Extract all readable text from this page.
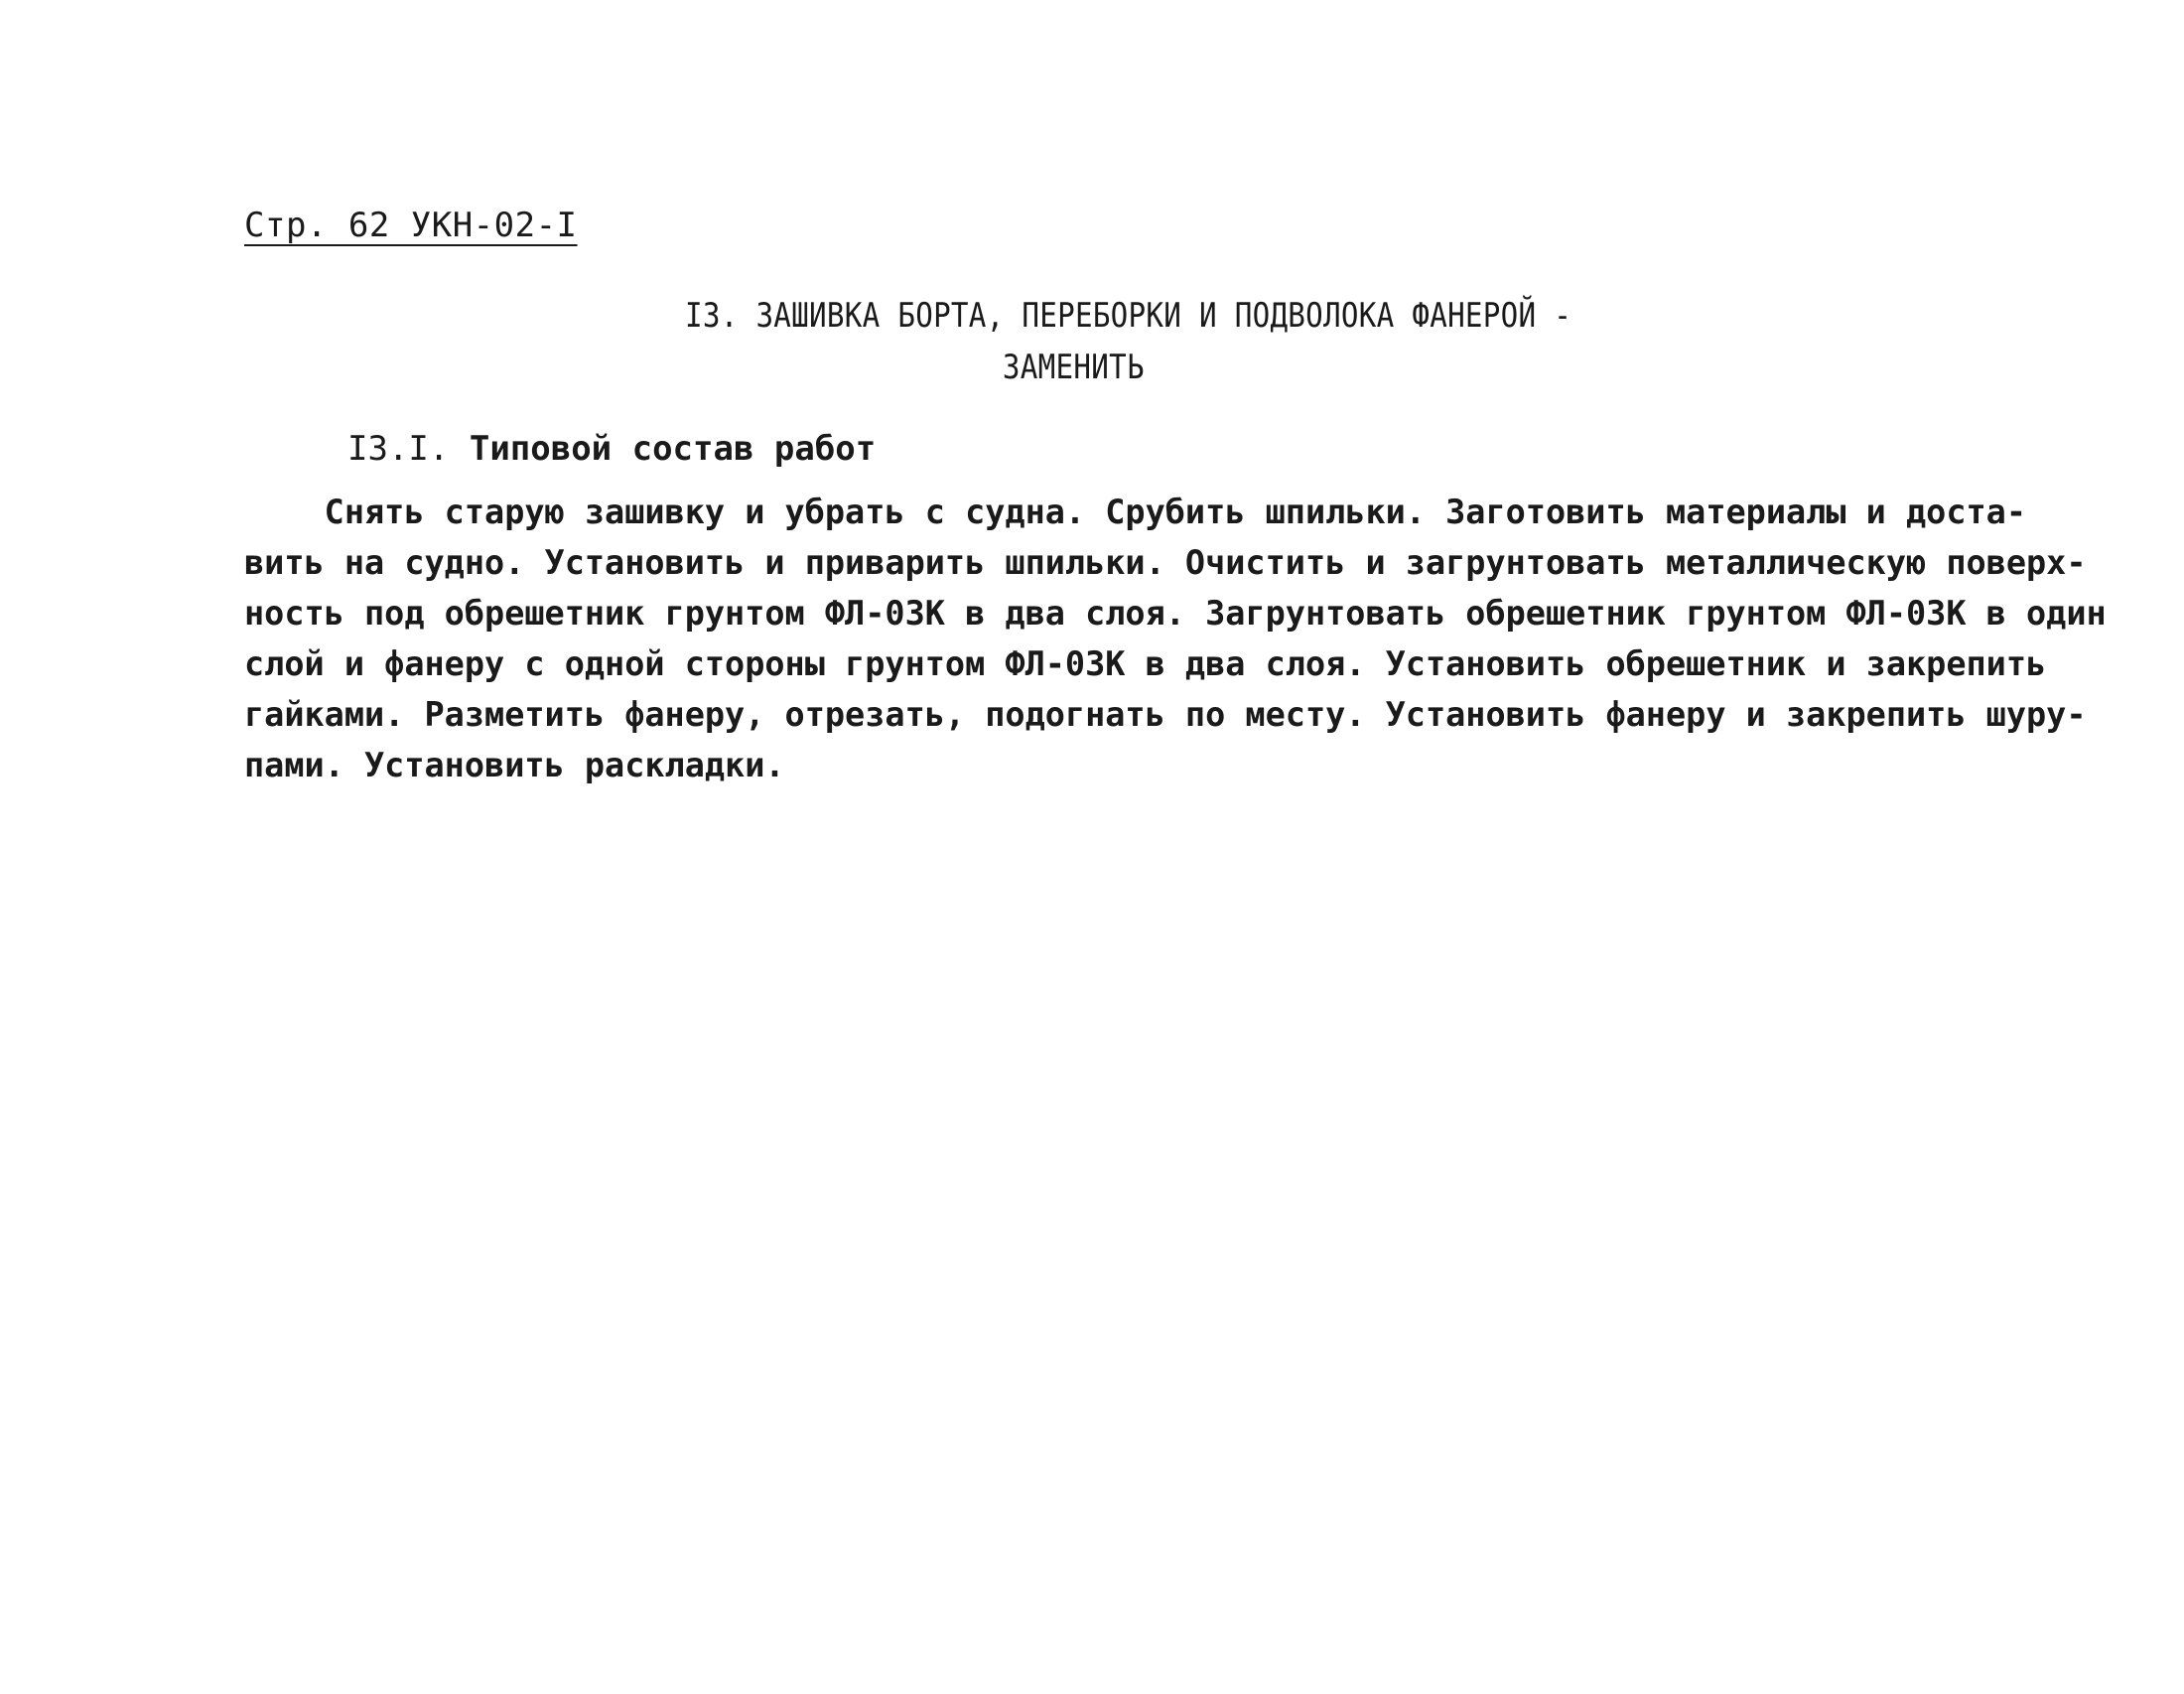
Стр. 62 УКН-02-I
I3. ЗАШИВКА БОРТА, ПЕРЕБОРКИ И ПОДВОЛОКА ФАНЕРОЙ -
ЗАМЕНИТЬ
I3.I. Типовой состав работ
Снять старую зашивку и убрать с судна. Срубить шпильки. Заготовить материалы и доста-
вить на судно. Установить и приварить шпильки. Очистить и загрунтовать металлическую поверх-
ность под обрешетник грунтом ФЛ-03К в два слоя. Загрунтовать обрешетник грунтом ФЛ-03К в один
слой и фанеру с одной стороны грунтом ФЛ-03К в два слоя. Установить обрешетник и закрепить
гайками. Разметить фанеру, отрезать, подогнать по месту. Установить фанеру и закрепить шуру-
пами. Установить раскладки.
